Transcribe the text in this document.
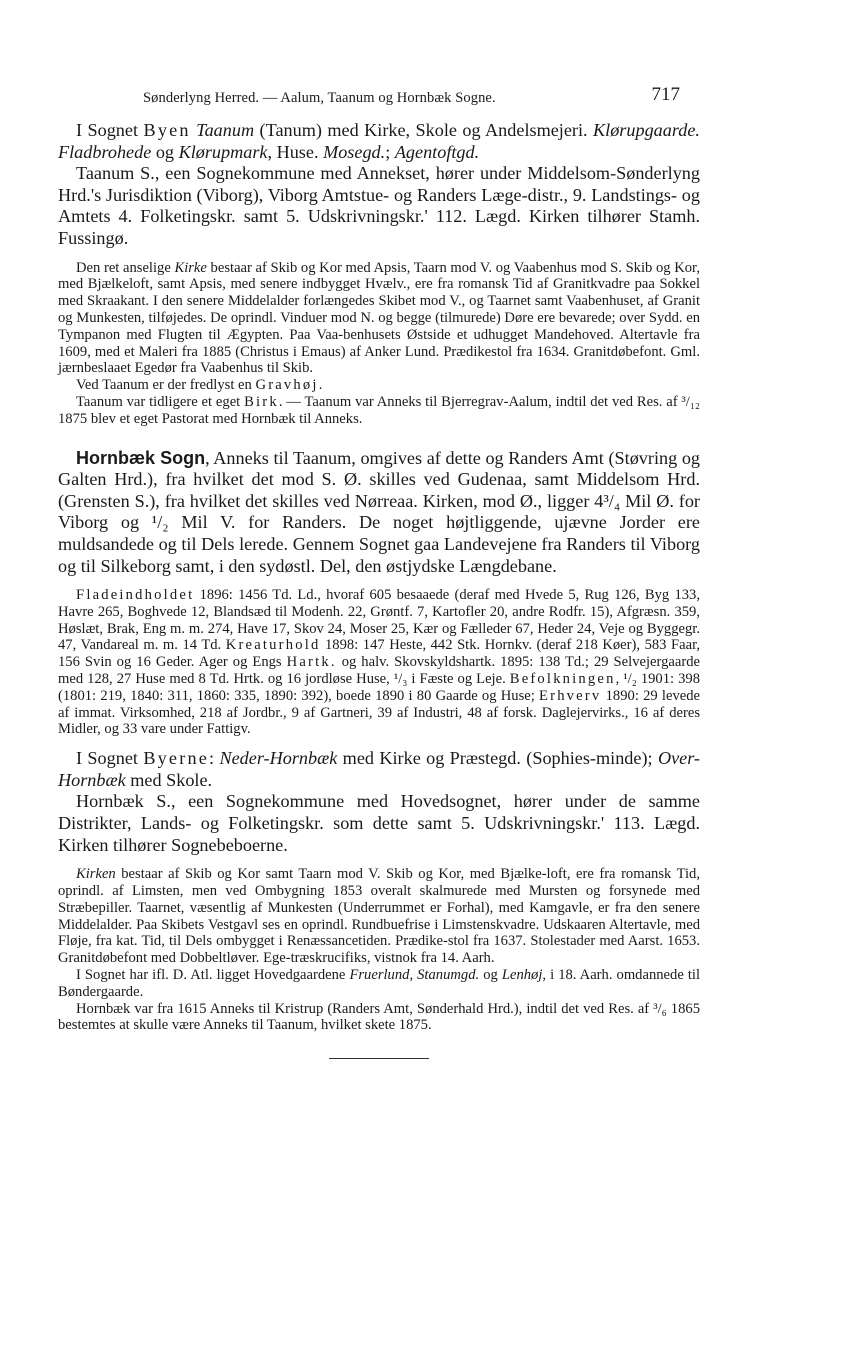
Sønderlyng Herred. — Aalum, Taanum og Hornbæk Sogne.	717

I Sognet Byen Taanum (Tanum) med Kirke, Skole og Andelsmejeri. Klørupgaarde. Fladbrohede og Klørupmark, Huse. Mosegd.; Agentoftgd.

Taanum S., een Sognekommune med Annekset, hører under Middelsom-Sønderlyng Hrd.'s Jurisdiktion (Viborg), Viborg Amtstue- og Randers Læge-distr., 9. Landstings- og Amtets 4. Folketingskr. samt 5. Udskrivningskr.' 112. Lægd. Kirken tilhører Stamh. Fussingø.

Den ret anselige Kirke bestaar af Skib og Kor med Apsis, Taarn mod V. og Vaabenhus mod S. Skib og Kor, med Bjælkeloft, samt Apsis, med senere indbygget Hvælv., ere fra romansk Tid af Granitkvadre paa Sokkel med Skraakant. I den senere Middelalder forlængedes Skibet mod V., og Taarnet samt Vaabenhuset, af Granit og Munkesten, tilføjedes. De oprindl. Vinduer mod N. og begge (tilmurede) Døre ere bevarede; over Sydd. en Tympanon med Flugten til Ægypten. Paa Vaa-benhusets Østside et udhugget Mandehoved. Altertavle fra 1609, med et Maleri fra 1885 (Christus i Emaus) af Anker Lund. Prædikestol fra 1634. Granitdøbefont. Gml. jærnbeslaaet Egedør fra Vaabenhus til Skib.

Ved Taanum er der fredlyst en Gravhøj.

Taanum var tidligere et eget Birk. — Taanum var Anneks til Bjerregrav-Aalum, indtil det ved Res. af ³/₁₂ 1875 blev et eget Pastorat med Hornbæk til Anneks.

Hornbæk Sogn, Anneks til Taanum, omgives af dette og Randers Amt (Støvring og Galten Hrd.), fra hvilket det mod S. Ø. skilles ved Gudenaa, samt Middelsom Hrd. (Grensten S.), fra hvilket det skilles ved Nørreaa. Kirken, mod Ø., ligger 4³/₄ Mil Ø. for Viborg og ¹/₂ Mil V. for Randers. De noget højtliggende, ujævne Jorder ere muldsandede og til Dels lerede. Gennem Sognet gaa Landevejene fra Randers til Viborg og til Silkeborg samt, i den sydøstl. Del, den østjydske Længdebane.

Fladeindholdet 1896: 1456 Td. Ld., hvoraf 605 besaaede (deraf med Hvede 5, Rug 126, Byg 133, Havre 265, Boghvede 12, Blandsæd til Modenh. 22, Grøntf. 7, Kartofler 20, andre Rodfr. 15), Afgræsn. 359, Høslæt, Brak, Eng m. m. 274, Have 17, Skov 24, Moser 25, Kær og Fælleder 67, Heder 24, Veje og Byggegr. 47, Vandareal m. m. 14 Td. Kreaturhold 1898: 147 Heste, 442 Stk. Hornkv. (deraf 218 Køer), 583 Faar, 156 Svin og 16 Geder. Ager og Engs Hartk. og halv. Skovskyldshartk. 1895: 138 Td.; 29 Selvejergaarde med 128, 27 Huse med 8 Td. Hrtk. og 16 jordløse Huse, ¹/₃ i Fæste og Leje. Befolkningen, ¹/₂ 1901: 398 (1801: 219, 1840: 311, 1860: 335, 1890: 392), boede 1890 i 80 Gaarde og Huse; Erhverv 1890: 29 levede af immat. Virksomhed, 218 af Jordbr., 9 af Gartneri, 39 af Industri, 48 af forsk. Daglejervirks., 16 af deres Midler, og 33 vare under Fattigv.

I Sognet Byerne: Neder-Hornbæk med Kirke og Præstegd. (Sophies-minde); Over-Hornbæk med Skole.

Hornbæk S., een Sognekommune med Hovedsognet, hører under de samme Distrikter, Lands- og Folketingskr. som dette samt 5. Udskrivningskr.' 113. Lægd. Kirken tilhører Sognebeboerne.

Kirken bestaar af Skib og Kor samt Taarn mod V. Skib og Kor, med Bjælke-loft, ere fra romansk Tid, oprindl. af Limsten, men ved Ombygning 1853 overalt skalmurede med Mursten og forsynede med Stræbepiller. Taarnet, væsentlig af Munkesten (Underrummet er Forhal), med Kamgavle, er fra den senere Middelalder. Paa Skibets Vestgavl ses en oprindl. Rundbuefrise i Limstenskvadre. Udskaaren Altertavle, med Fløje, fra kat. Tid, til Dels ombygget i Renæssancetiden. Prædike-stol fra 1637. Stolestader med Aarst. 1653. Granitdøbefont med Dobbeltløver. Ege-træskrucifiks, vistnok fra 14. Aarh.

I Sognet har ifl. D. Atl. ligget Hovedgaardene Fruerlund, Stanumgd. og Lenhøj, i 18. Aarh. omdannede til Bøndergaarde.

Hornbæk var fra 1615 Anneks til Kristrup (Randers Amt, Sønderhald Hrd.), indtil det ved Res. af ³/₆ 1865 bestemtes at skulle være Anneks til Taanum, hvilket skete 1875.
